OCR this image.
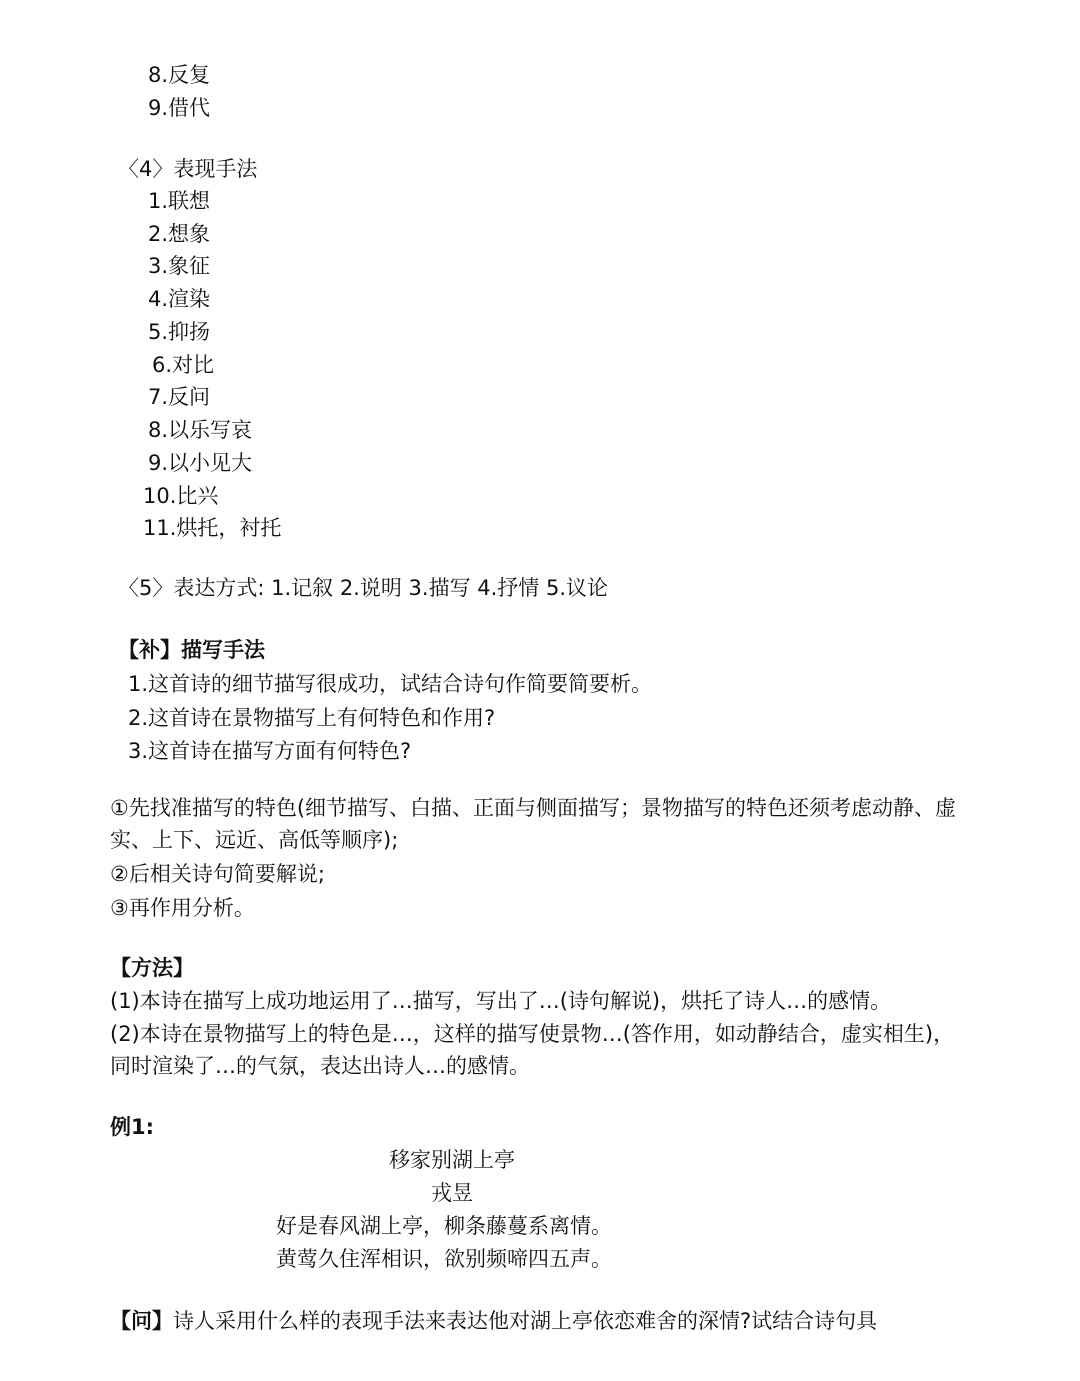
8.反复
9.借代
〈4〉表现手法
1.联想
2.想象
3.象征
4.渲染
5.抑扬
6.对比
7.反问
8.以乐写哀
9.以小见大
10.比兴
11.烘托，衬托
〈5〉表达方式: 1.记叙 2.说明 3.描写 4.抒情 5.议论
【补】描写手法
1.这首诗的细节描写很成功，试结合诗句作简要简要析。
2.这首诗在景物描写上有何特色和作用?
3.这首诗在描写方面有何特色?
①先找准描写的特色(细节描写、白描、正面与侧面描写；景物描写的特色还须考虑动静、虚实、上下、远近、高低等顺序);
②后相关诗句简要解说;
③再作用分析。
【方法】
(1)本诗在描写上成功地运用了…描写，写出了…(诗句解说)，烘托了诗人…的感情。
(2)本诗在景物描写上的特色是…，这样的描写使景物…(答作用，如动静结合，虚实相生)，同时渲染了…的气氛，表达出诗人…的感情。
例1:
移家别湖上亭
戎昱
好是春风湖上亭，柳条藤蔓系离情。
黄莺久住浑相识，欲别频啼四五声。
【问】诗人采用什么样的表现手法来表达他对湖上亭依恋难舍的深情?试结合诗句具
